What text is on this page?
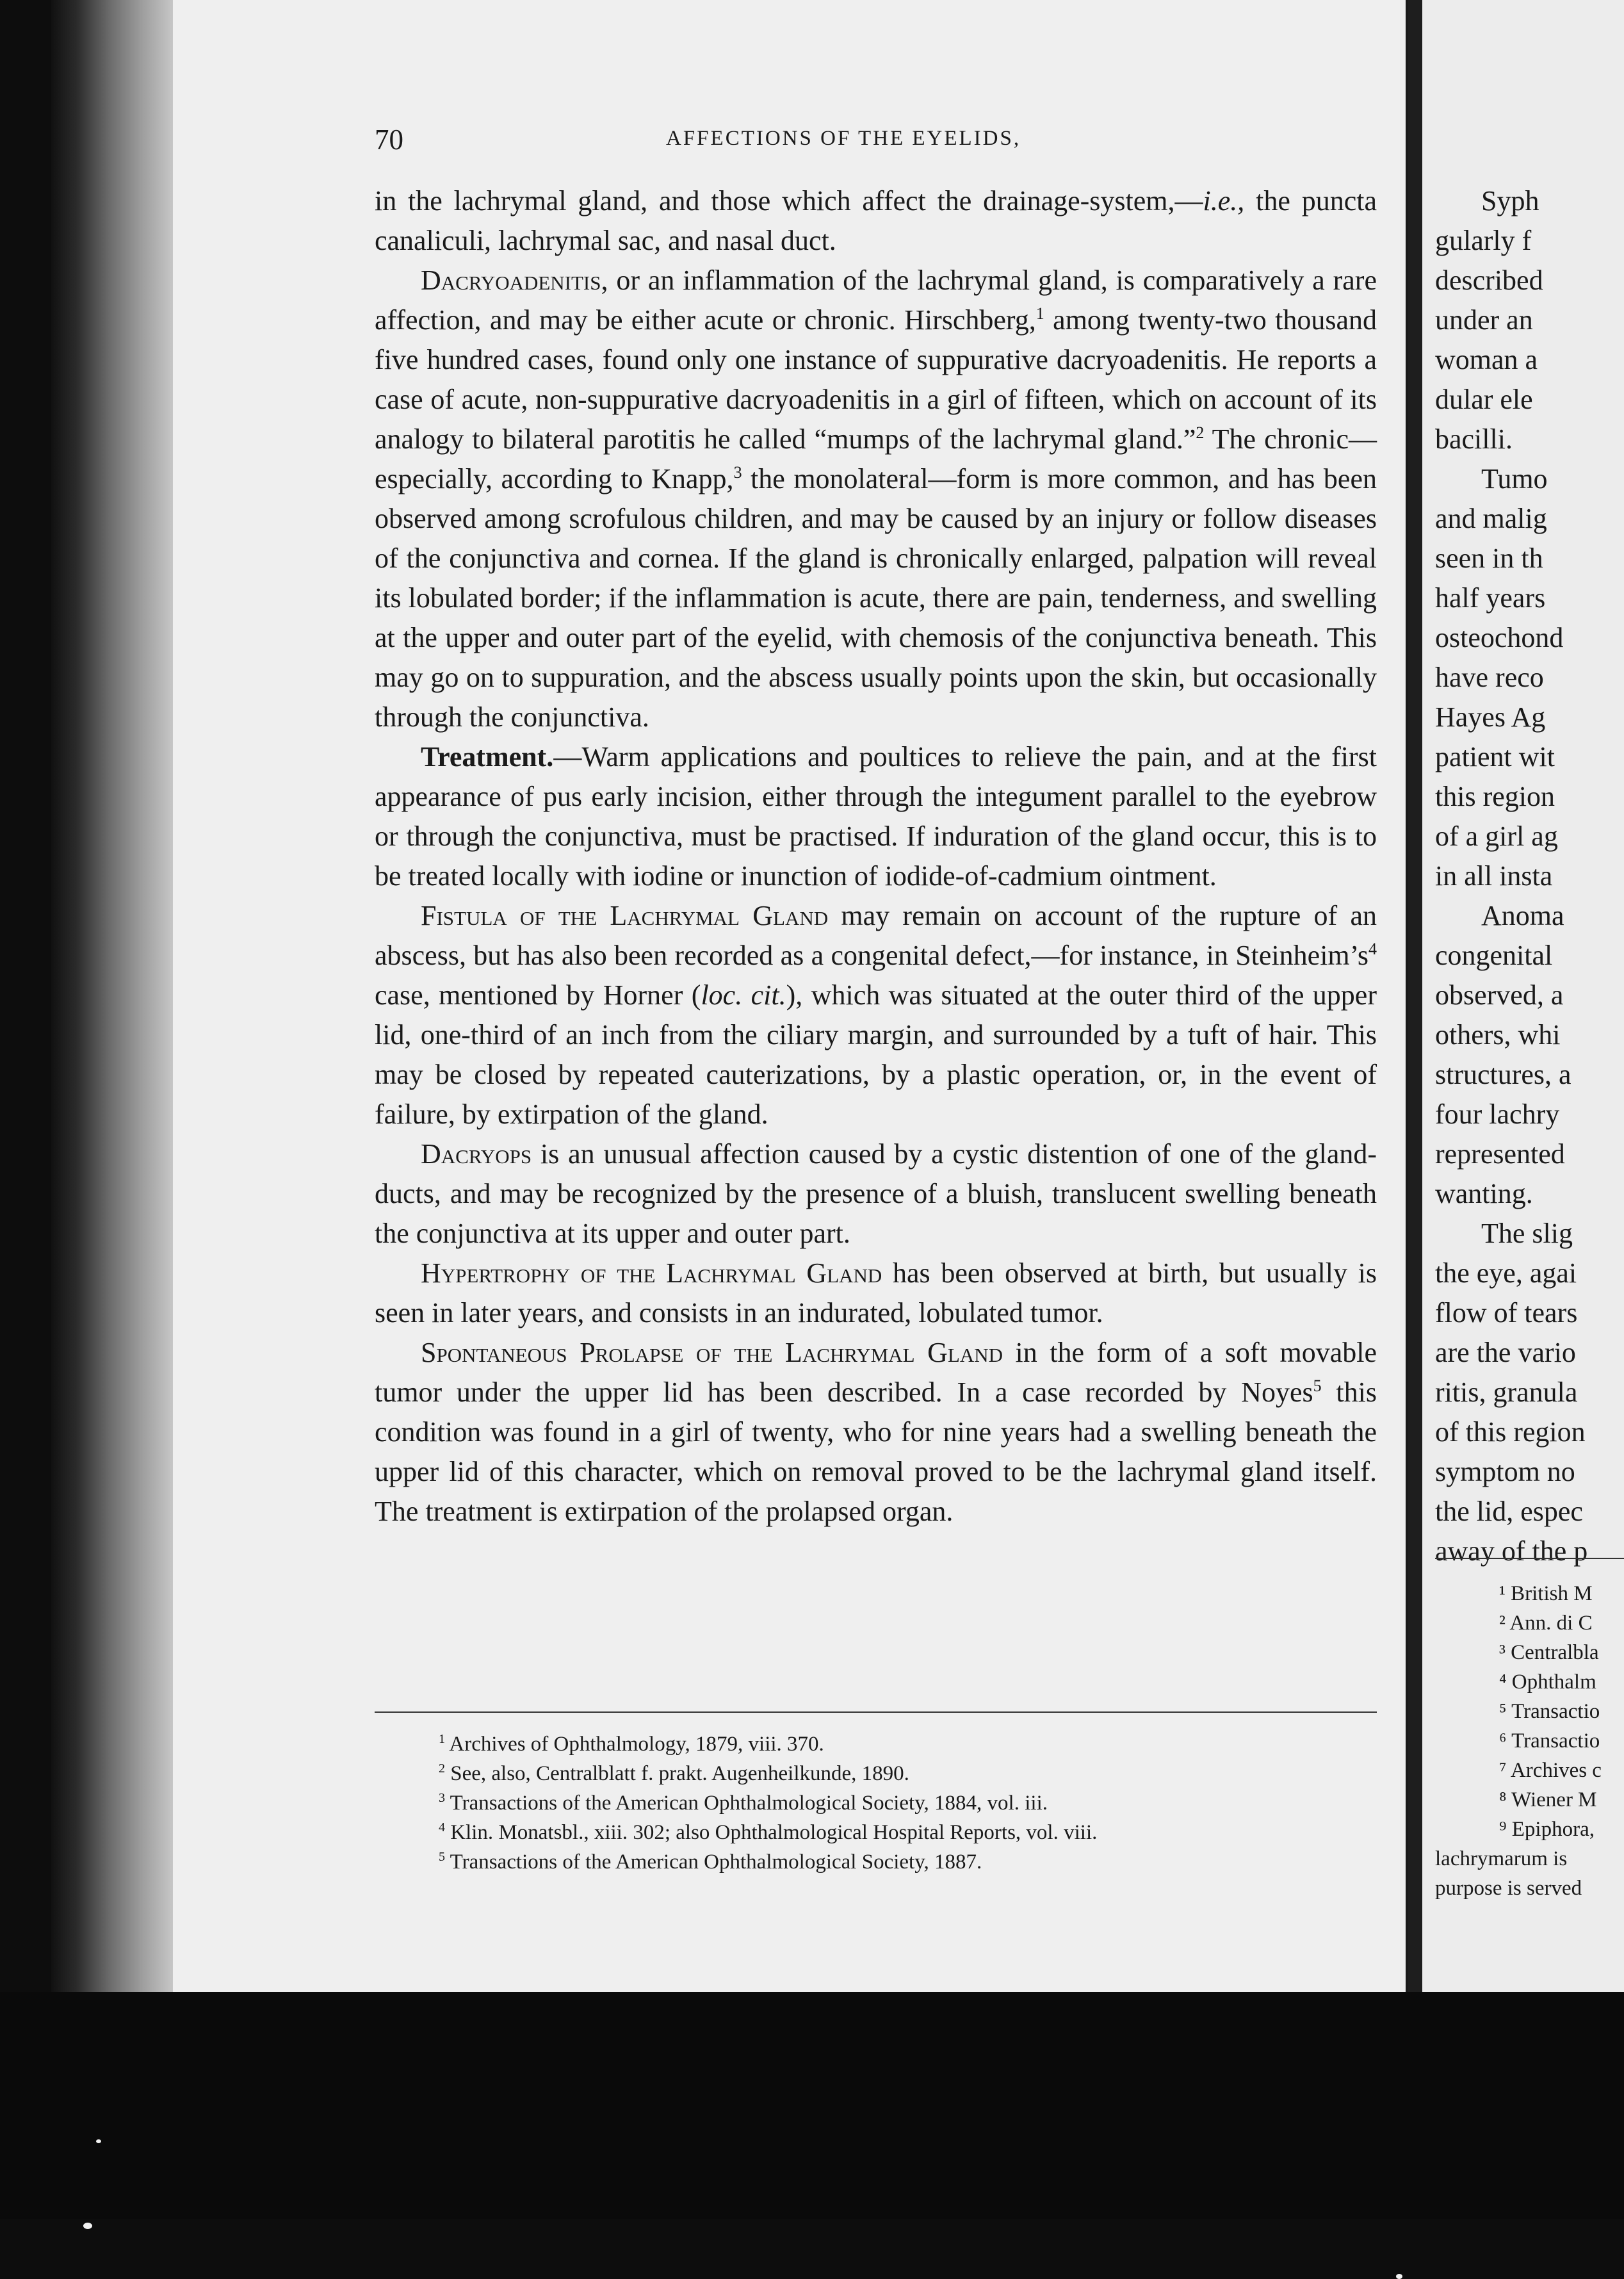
70	AFFECTIONS OF THE EYELIDS,

in the lachrymal gland, and those which affect the drainage-system,—i.e., the puncta canaliculi, lachrymal sac, and nasal duct.

Dacryoadenitis, or an inflammation of the lachrymal gland, is comparatively a rare affection, and may be either acute or chronic. Hirschberg,$^1$ among twenty-two thousand five hundred cases, found only one instance of suppurative dacryoadenitis. He reports a case of acute, non-suppurative dacryoadenitis in a girl of fifteen, which on account of its analogy to bilateral parotitis he called “mumps of the lachrymal gland.”$^2$ The chronic—especially, according to Knapp,$^3$ the monolateral—form is more common, and has been observed among scrofulous children, and may be caused by an injury or follow diseases of the conjunctiva and cornea. If the gland is chronically enlarged, palpation will reveal its lobulated border; if the inflammation is acute, there are pain, tenderness, and swelling at the upper and outer part of the eyelid, with chemosis of the conjunctiva beneath. This may go on to suppuration, and the abscess usually points upon the skin, but occasionally through the conjunctiva.

Treatment.—Warm applications and poultices to relieve the pain, and at the first appearance of pus early incision, either through the integument parallel to the eyebrow or through the conjunctiva, must be practised. If induration of the gland occur, this is to be treated locally with iodine or inunction of iodide-of-cadmium ointment.

Fistula of the Lachrymal Gland may remain on account of the rupture of an abscess, but has also been recorded as a congenital defect,—for instance, in $Steinheim’s^4$ case, mentioned by Horner (loc. cit.), which was situated at the outer third of the upper lid, one-third of an inch from the ciliary margin, and surrounded by a tuft of hair. This may be closed by repeated cauterizations, by a plastic operation, or, in the event of failure, by extirpation of the gland.

Dacryops is an unusual affection caused by a cystic distention of one of the gland-ducts, and may be recognized by the presence of a bluish, translucent swelling beneath the conjunctiva at its upper and outer part.

Hypertrophy of the Lachrymal Gland has been observed at birth, but usually is seen in later years, and consists in an indurated, lobulated tumor.

Spontaneous Prolapse of the Lachrymal Gland in the form of a soft movable tumor under the upper lid has been described. In a case recorded by Noyes$^5$ this condition was found in a girl of twenty, who for nine years had a swelling beneath the upper lid of this character, which on removal proved to be the lachrymal gland itself. The treatment is extirpation of the prolapsed organ.

$^1$ Archives of Ophthalmology, 1879, viii. 370.
$^2$ See, also, Centralblatt f. prakt. Augenheilkunde, 1890.
$^3$ Transactions of the American Ophthalmological Society, 1884, vol. iii.
$^4$ Klin. Monatsbl., xiii. 302; also Ophthalmological Hospital Reports, vol. viii.
$^5$ Transactions of the American Ophthalmological Society, 1887.
Syph
gularly f
described
under an
woman a
dular ele
bacilli.
Tumo
and malig
seen in th
half years
osteochond
have reco
Hayes Ag
patient wit
this region
of a girl ag
in all insta
Anoma
congenital
observed, a
others, whi
structures, a
four lachry
represented
wanting.
The slig
the eye, agai
flow of tears
are the vario
ritis, granula
of this region
symptom no
the lid, espec
away of the p
¹ British M
² Ann. di C
³ Centralbla
⁴ Ophthalm
⁵ Transactio
⁶ Transactio
⁷ Archives c
⁸ Wiener M
⁹ Epiphora,
lachrymarum is
purpose is served
